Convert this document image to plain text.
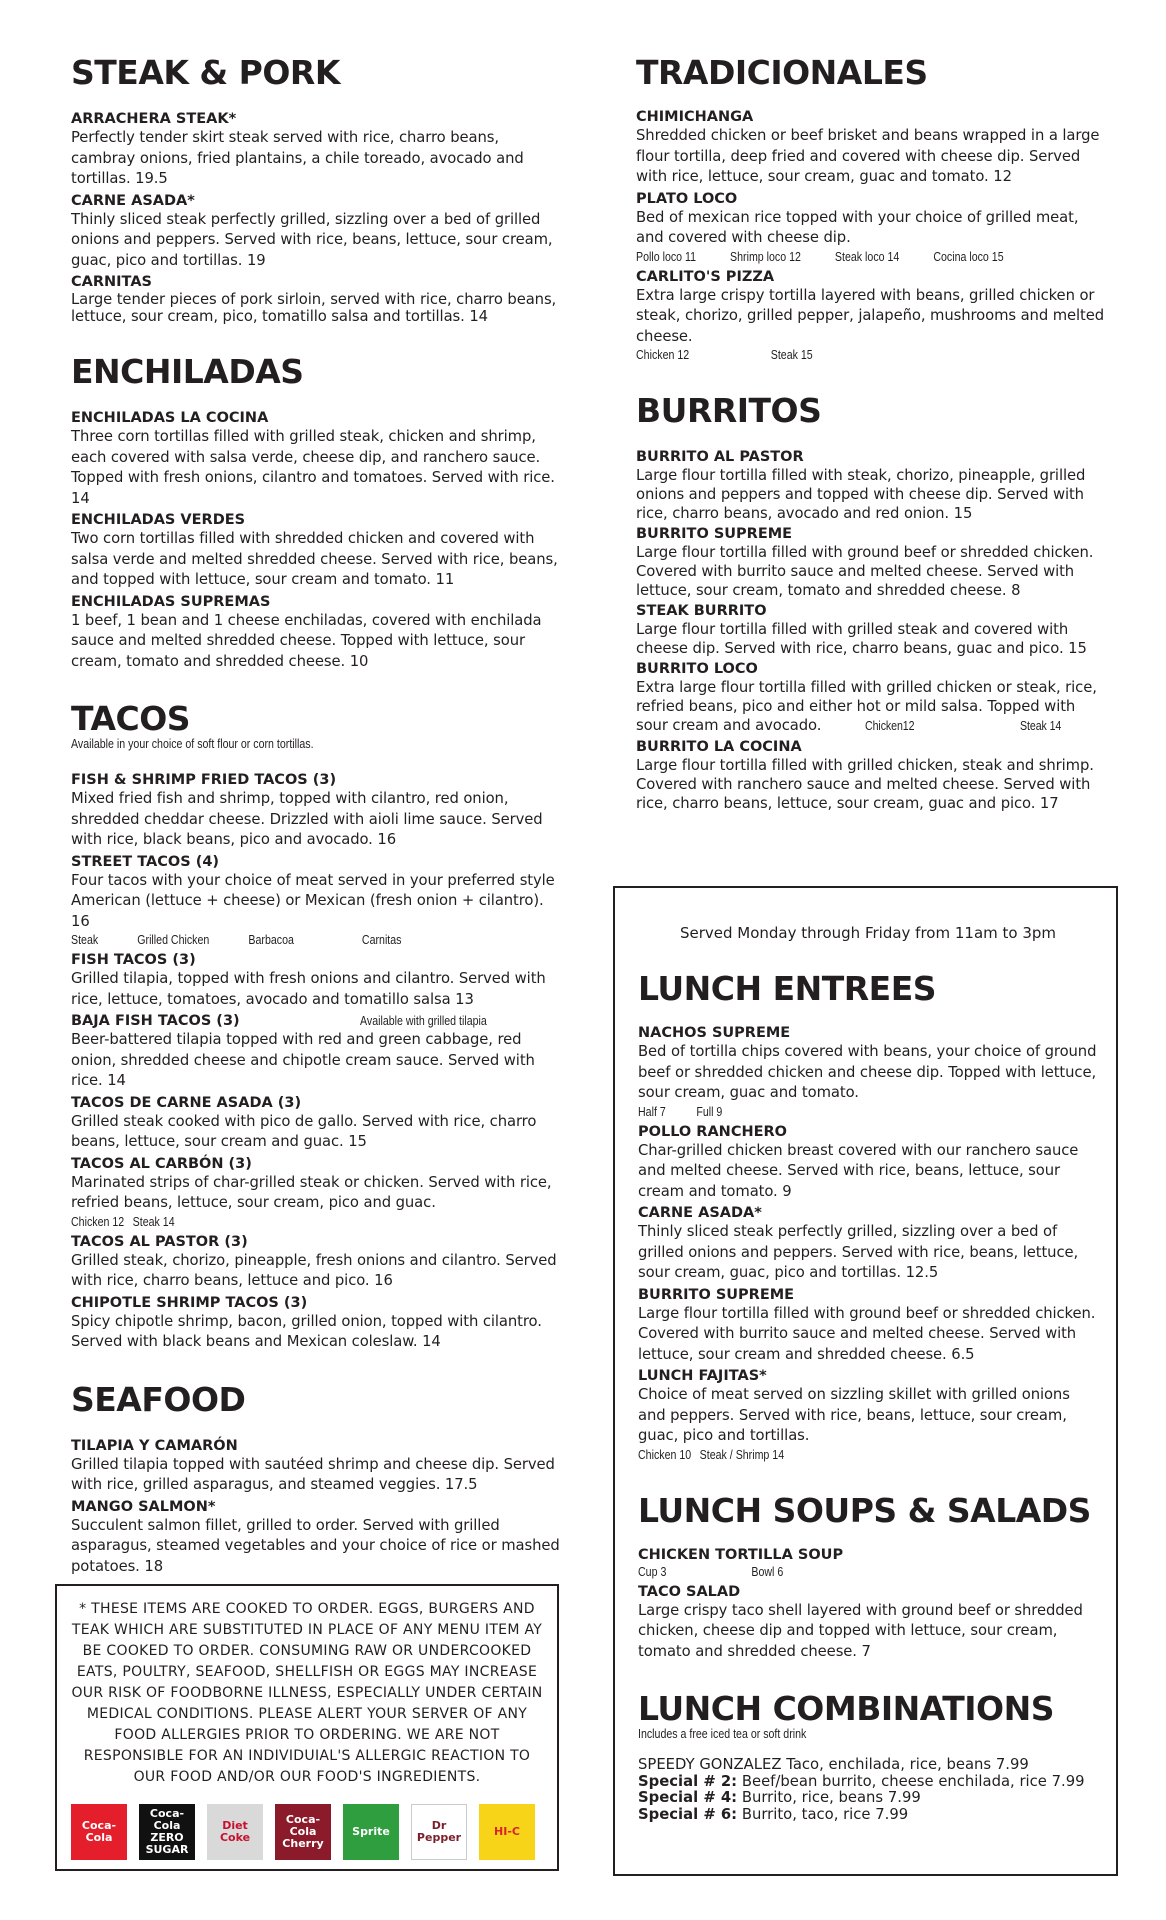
STEAK & PORK
ARRACHERA STEAK*
Perfectly tender skirt steak served with rice, charro beans, cambray onions, fried plantains, a chile toreado, avocado and tortillas. 19.5
CARNE ASADA*
Thinly sliced steak perfectly grilled, sizzling over a bed of grilled onions and peppers. Served with rice, beans, lettuce, sour cream, guac, pico and tortillas. 19
CARNITAS
Large tender pieces of pork sirloin, served with rice, charro beans, lettuce, sour cream, pico, tomatillo salsa and tortillas. 14
ENCHILADAS
ENCHILADAS LA COCINA
Three corn tortillas filled with grilled steak, chicken and shrimp, each covered with salsa verde, cheese dip, and ranchero sauce. Topped with fresh onions, cilantro and tomatoes. Served with rice. 14
ENCHILADAS VERDES
Two corn tortillas filled with shredded chicken and covered with salsa verde and melted shredded cheese. Served with rice, beans, and topped with lettuce, sour cream and tomato. 11
ENCHILADAS SUPREMAS
1 beef, 1 bean and 1 cheese enchiladas, covered with enchilada sauce and melted shredded cheese. Topped with lettuce, sour cream, tomato and shredded cheese. 10
TACOS
Available in your choice of soft flour or corn tortillas.
FISH & SHRIMP FRIED TACOS (3)
Mixed fried fish and shrimp, topped with cilantro, red onion, shredded cheddar cheese. Drizzled with aioli lime sauce. Served with rice, black beans, pico and avocado. 16
STREET TACOS (4)
Four tacos with your choice of meat served in your preferred style American (lettuce + cheese) or Mexican (fresh onion + cilantro). 16
Steak	Grilled Chicken	Barbacoa	Carnitas
FISH TACOS (3)
Grilled tilapia, topped with fresh onions and cilantro. Served with rice, lettuce, tomatoes, avocado and tomatillo salsa 13
BAJA FISH TACOS (3)	Available with grilled tilapia
Beer-battered tilapia topped with red and green cabbage, red onion, shredded cheese and chipotle cream sauce. Served with rice. 14
TACOS DE CARNE ASADA (3)
Grilled steak cooked with pico de gallo. Served with rice, charro beans, lettuce, sour cream and guac. 15
TACOS AL CARBÓN (3)
Marinated strips of char-grilled steak or chicken. Served with rice, refried beans, lettuce, sour cream, pico and guac.
Chicken 12 Steak 14
TACOS AL PASTOR (3)
Grilled steak, chorizo, pineapple, fresh onions and cilantro. Served with rice, charro beans, lettuce and pico. 16
CHIPOTLE SHRIMP TACOS (3)
Spicy chipotle shrimp, bacon, grilled onion, topped with cilantro. Served with black beans and Mexican coleslaw. 14
SEAFOOD
TILAPIA Y CAMARÓN
Grilled tilapia topped with sautéed shrimp and cheese dip. Served with rice, grilled asparagus, and steamed veggies. 17.5
MANGO SALMON*
Succulent salmon fillet, grilled to order. Served with grilled asparagus, steamed vegetables and your choice of rice or mashed potatoes. 18
* THESE ITEMS ARE COOKED TO ORDER. EGGS, BURGERS AND TEAK WHICH ARE SUBSTITUTED IN PLACE OF ANY MENU ITEM AY BE COOKED TO ORDER. CONSUMING RAW OR UNDERCOOKED EATS, POULTRY, SEAFOOD, SHELLFISH OR EGGS MAY INCREASE OUR RISK OF FOODBORNE ILLNESS, ESPECIALLY UNDER CERTAIN MEDICAL CONDITIONS. PLEASE ALERT YOUR SERVER OF ANY FOOD ALLERGIES PRIOR TO ORDERING. WE ARE NOT RESPONSIBLE FOR AN INDIVIDUIAL'S ALLERGIC REACTION TO OUR FOOD AND/OR OUR FOOD'S INGREDIENTS.
Coca-Cola
Coca-Cola ZERO SUGAR
Diet Coke
Coca-Cola Cherry
Sprite	Dr Pepper	HI-C
TRADICIONALES
CHIMICHANGA
Shredded chicken or beef brisket and beans wrapped in a large flour tortilla, deep fried and covered with cheese dip. Served with rice, lettuce, sour cream, guac and tomato. 12
PLATO LOCO
Bed of mexican rice topped with your choice of grilled meat, and covered with cheese dip.
Pollo loco 11	Shrimp loco 12	Steak loco 14	Cocina loco 15
CARLITO'S PIZZA
Extra large crispy tortilla layered with beans, grilled chicken or steak, chorizo, grilled pepper, jalapeño, mushrooms and melted cheese.
Chicken 12	Steak 15
BURRITOS
BURRITO AL PASTOR
Large flour tortilla filled with steak, chorizo, pineapple, grilled onions and peppers and topped with cheese dip. Served with rice, charro beans, avocado and red onion. 15
BURRITO SUPREME
Large flour tortilla filled with ground beef or shredded chicken. Covered with burrito sauce and melted cheese. Served with lettuce, sour cream, tomato and shredded cheese. 8
STEAK BURRITO
Large flour tortilla filled with grilled steak and covered with cheese dip. Served with rice, charro beans, guac and pico. 15
BURRITO LOCO
Extra large flour tortilla filled with grilled chicken or steak, rice, refried beans, pico and either hot or mild salsa. Topped with sour cream and avocado.	Chicken12	Steak 14
BURRITO LA COCINA
Large flour tortilla filled with grilled chicken, steak and shrimp. Covered with ranchero sauce and melted cheese. Served with rice, charro beans, lettuce, sour cream, guac and pico. 17
Served Monday through Friday from 11am to 3pm
LUNCH ENTREES
NACHOS SUPREME
Bed of tortilla chips covered with beans, your choice of ground beef or shredded chicken and cheese dip. Topped with lettuce, sour cream, guac and tomato.
Half 7 Full 9
POLLO RANCHERO
Char-grilled chicken breast covered with our ranchero sauce and melted cheese. Served with rice, beans, lettuce, sour cream and tomato. 9
CARNE ASADA*
Thinly sliced steak perfectly grilled, sizzling over a bed of grilled onions and peppers. Served with rice, beans, lettuce, sour cream, guac, pico and tortillas. 12.5
BURRITO SUPREME
Large flour tortilla filled with ground beef or shredded chicken. Covered with burrito sauce and melted cheese. Served with lettuce, sour cream and shredded cheese. 6.5
LUNCH FAJITAS*
Choice of meat served on sizzling skillet with grilled onions and peppers. Served with rice, beans, lettuce, sour cream, guac, pico and tortillas.
Chicken 10 Steak / Shrimp 14
LUNCH SOUPS & SALADS
CHICKEN TORTILLA SOUP
Cup 3	Bowl 6
TACO SALAD
Large crispy taco shell layered with ground beef or shredded chicken, cheese dip and topped with lettuce, sour cream, tomato and shredded cheese. 7
LUNCH COMBINATIONS
Includes a free iced tea or soft drink
SPEEDY GONZALEZ Taco, enchilada, rice, beans 7.99
Special # 2: Beef/bean burrito, cheese enchilada, rice 7.99
Special # 4: Burrito, rice, beans 7.99
Special # 6: Burrito, taco, rice 7.99
